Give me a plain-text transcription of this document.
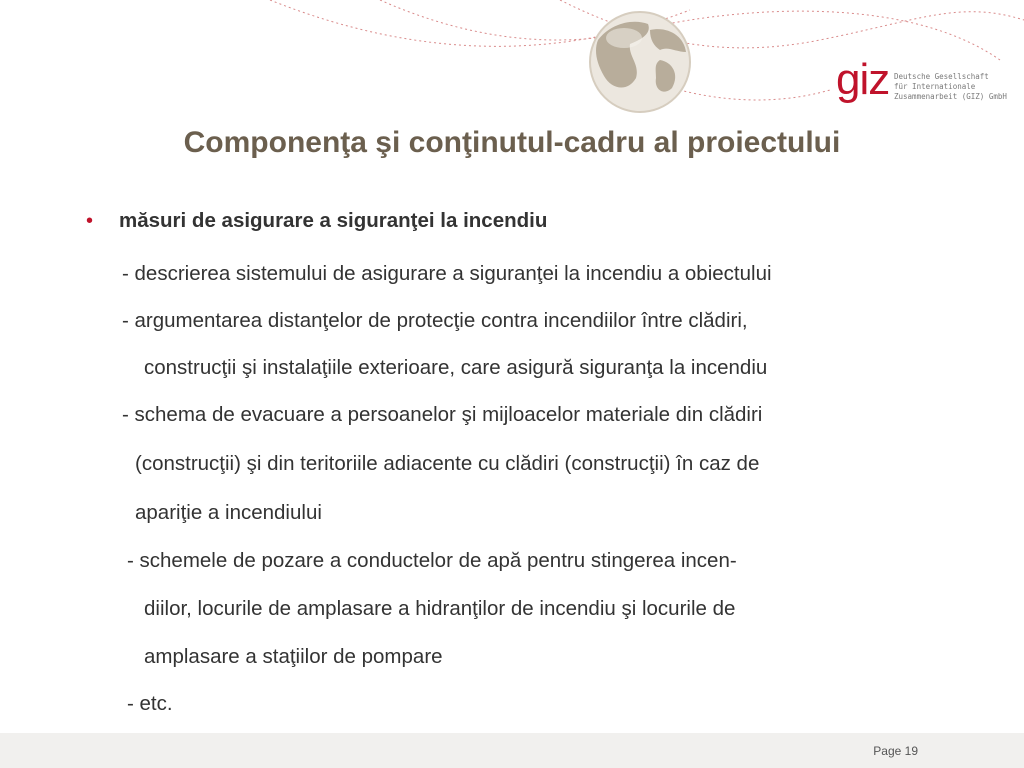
giz Deutsche Gesellschaft
für Internationale
Zusammenarbeit (GIZ) GmbH
Componenţa şi conţinutul-cadru al proiectului
•	măsuri de asigurare a siguranţei la incendiu
- descrierea sistemului de asigurare a siguranţei la incendiu a obiectului
- argumentarea distanţelor de protecţie contra incendiilor între clădiri,
construcţii şi instalaţiile exterioare, care asigură siguranţa la incendiu
- schema de evacuare a persoanelor şi mijloacelor materiale din clădiri
(construcţii) şi din teritoriile adiacente cu clădiri (construcţii) în caz de
apariţie a incendiului
- schemele de pozare a conductelor de apă pentru stingerea incen-
diilor, locurile de amplasare a hidranţilor de incendiu şi locurile de
amplasare a staţiilor de pompare
- etc.
Page 19
